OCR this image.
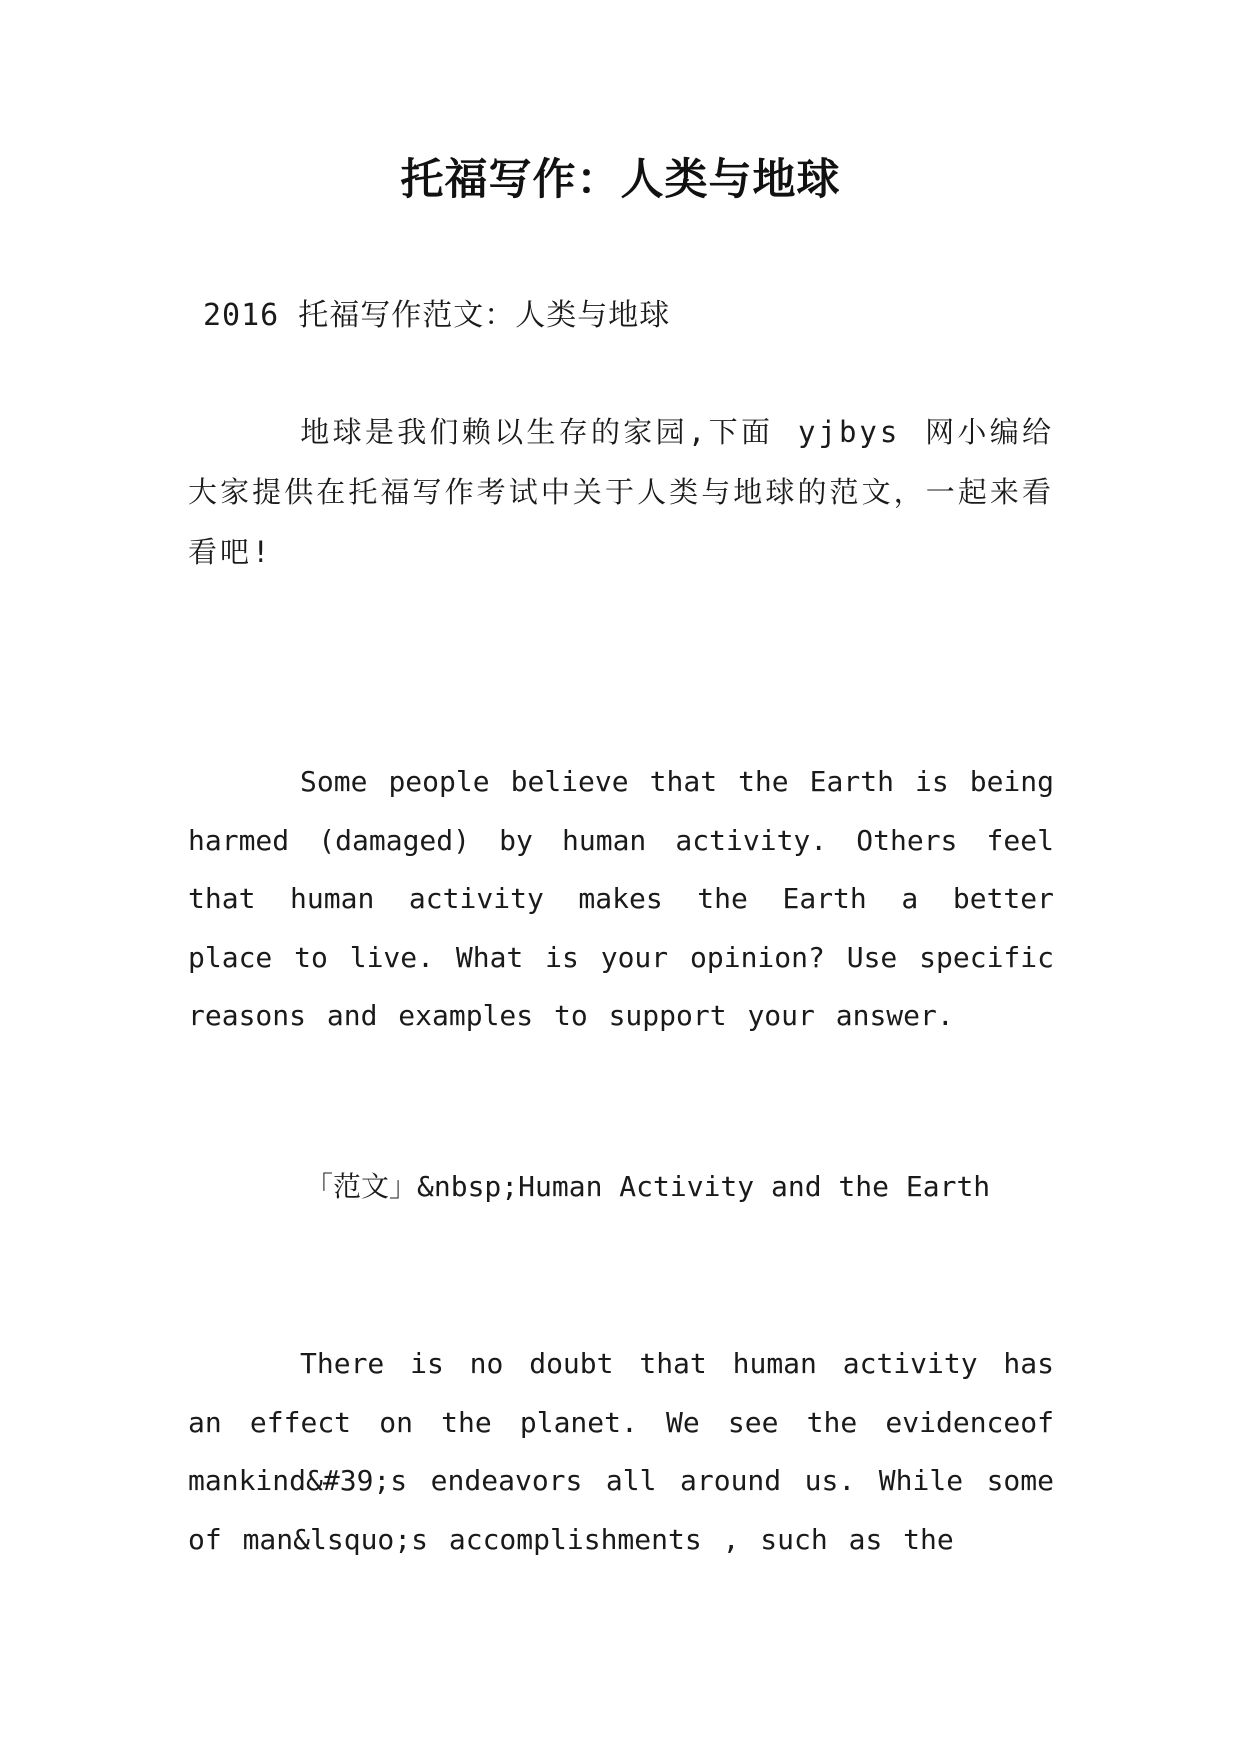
托福写作：人类与地球
2016 托福写作范文：人类与地球
地球是我们赖以生存的家园,下面 yjbys 网小编给大家提供在托福写作考试中关于人类与地球的范文，一起来看看吧!
Some people believe that the Earth is being harmed (damaged) by human activity. Others feel that human activity makes the Earth a better place to live. What is your opinion? Use specific reasons and examples to support your answer.
「范文」&nbsp;Human Activity and the Earth
There is no doubt that human activity has an effect on the planet. We see the evidenceof mankind&#39;s endeavors all around us. While some of man&lsquo;s accomplishments , such as the
